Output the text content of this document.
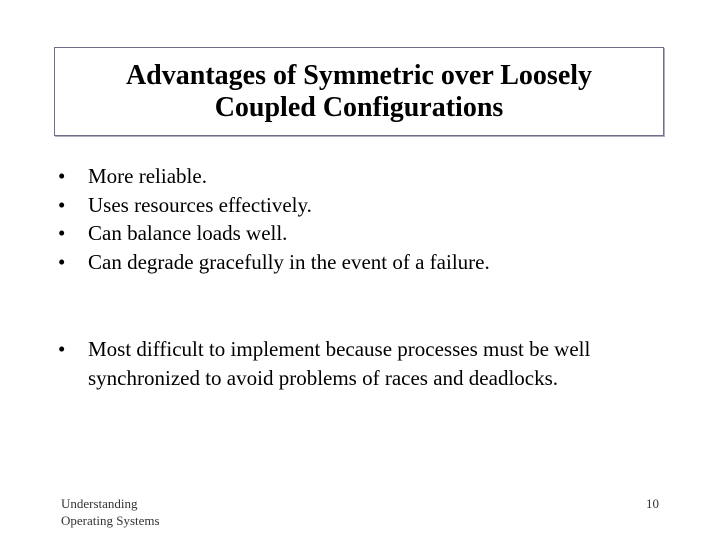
Advantages of Symmetric over Loosely
Coupled Configurations
•	More reliable.
•	Uses resources effectively.
•	Can balance loads well.
•	Can degrade gracefully in the event of a failure.
•	Most difficult to implement because processes must be well synchronized to avoid problems of races and deadlocks.
Understanding
Operating Systems
10
